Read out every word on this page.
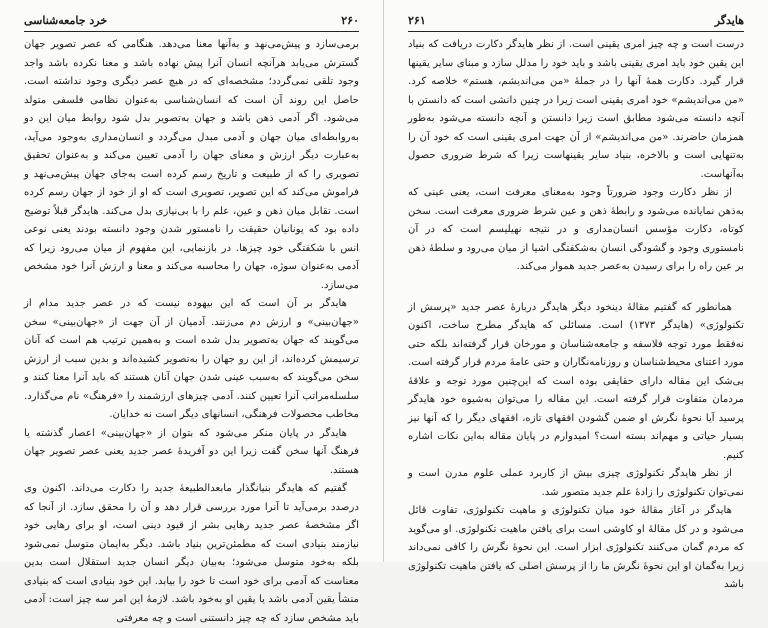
خرد جامعه‌شناسی	۲۶۰

برمی‌سازد و پیش‌می‌نهد و به‌آنها معنا می‌دهد. هنگامی که عصر تصویر جهان گسترش می‌یابد هرآنچه انسان آنرا پیش نهاده باشد و معنا نکرده باشد واجد وجود تلقی نمی‌گردد؛ مشخصه‌ای که در هیچ عصر دیگری وجود نداشته است. حاصل این روند آن است که انسان‌شناسی به‌عنوان نظامی فلسفی متولد می‌شود. اگر آدمی ذهن باشد و جهان به‌تصویر بدل شود روابط میان این دو به‌روابطه‌ای میان جهان و آدمی مبدل می‌گردد و انسان‌مداری به‌وجود می‌آید، به‌عبارت دیگر ارزش و معنای جهان را آدمی تعیین می‌کند و به‌عنوان تحقیق تصویری را که از طبیعت و تاریخ رسم کرده است به‌جای جهان پیش‌می‌نهد و فراموش می‌کند که این تصویر، تصویری است که او از خود از جهان رسم کرده است. تقابل میان ذهن و عین، علم را با بی‌نیازی بدل می‌کند. هایدگر قبلاً توضیح داده بود که یونانیان حقیقت را نامستور شدن وجود دانسته بودند یعنی نوعی انس با شکفتگی خود چیزها. در بازنمایی، این مفهوم از میان می‌رود زیرا که آدمی به‌عنوان سوژه، جهان را محاسبه می‌کند و معنا و ارزش آنرا خود مشخص می‌سازد.

هایدگر بر آن است که این بیهوده نیست که در عصر جدید مدام از «جهان‌بینی» و ارزش دم می‌زنند. آدمیان از آن جهت از «جهان‌بینی» سخن می‌گویند که جهان به‌تصویر بدل شده است و به‌همین ترتیب هم است که آنان ترسیمش کرده‌اند، از این رو جهان را به‌تصویر کشیده‌اند و بدین سبب از ارزش سخن می‌گویند که به‌سبب عینی شدن جهان آنان هستند که باید آنرا معنا کنند و سلسله‌مراتب آنرا تعیین کنند. آدمی چیزهای ارزشمند را «فرهنگ» نام می‌گذارد. مخاطب محصولات فرهنگی، انسانهای دیگر است نه خدایان.

هایدگر در پایان منکر می‌شود که بتوان از «جهان‌بینی» اعصار گذشته یا فرهنگ آنها سخن گفت زیرا این دو آفریدهٔ عصر جدید یعنی عصر تصویر جهان هستند.

گفتیم که هایدگر بنیانگذار ما‌بعدالطبیعهٔ جدید را دکارت می‌داند. اکنون وی درصدد برمی‌آید تا آنرا مورد بررسی قرار دهد و آن را محقق سازد. از آنجا که اگر مشخصهٔ عصر جدید رهایی بشر از قیود دینی است، او برای رهایی خود نیازمند بنیادی است که مطمئن‌ترین بنیاد باشد. دیگر به‌ایمان متوسل نمی‌شود بلکه به‌خود متوسل می‌شود؛ به‌بیان دیگر انسان جدید استقلال است بدین معناست که آدمی برای خود است تا خود را بیابد. این خود بنیادی است که بنیادی منشأ یقین آدمی باشد یا یقین او به‌خود باشد. لازمهٔ این امر سه چیز است: آدمی باید مشخص سازد که چه چیز دانستنی است و چه معرفتی

۲۶۱	هایدگر

درست است و چه چیز امری یقینی است. از نظر هایدگر دکارت دریافت که بنیاد این یقین خود باید امری یقینی باشد و باید خود را مدلل سازد و مبنای سایر یقینها قرار گیرد. دکارت همهٔ آنها را در جملهٔ «من می‌اندیشم، هستم» خلاصه کرد. «من می‌اندیشم» خود امری یقینی است زیرا در چنین دانشی است که دانستن با آنچه دانسته می‌شود مطابق است زیرا دانستن و آنچه دانسته می‌شود به‌طور همزمان حاضرند. «من می‌اندیشم» از آن جهت امری یقینی است که خود آن را به‌تنهایی است و بالاخره، بنیاد سایر یقینهاست زیرا که شرط ضروری حصول به‌آنهاست.

از نظر دکارت وجود ضرورتاً وجود به‌معنای معرفت است، یعنی عینی که به‌ذهن نمایانده می‌شود و رابطهٔ ذهن و عین شرط ضروری معرفت است. سخن کوتاه، دکارت مؤسس انسان‌مداری و در نتیجه نهیلیسم است که در آن نامستوری وجود و گشودگی انسان به‌شکفتگی اشیا از میان می‌رود و سلطهٔ ذهن بر عین راه را برای رسیدن به‌عصر جدید هموار می‌کند.

همانطور که گفتیم مقالهٔ دینخود دیگر هایدگر دربارهٔ عصر جدید «پرسش از تکنولوژی» (هایدگر ۱۳۷۳) است. مسائلی که هایدگر مطرح ساخت، اکنون نه‌فقط مورد توجه فلاسفه و جامعه‌شناسان و مورخان قرار گرفته‌اند بلکه حتی مورد اعتنای محیط‌شناسان و روزنامه‌نگاران و حتی عامهٔ مردم قرار گرفته است. بی‌شک این مقاله دارای حقایقی بوده است که این‌چنین مورد توجه و علاقهٔ مردمان متفاوت قرار گرفته است. این مقاله را می‌توان به‌شیوه خود هایدگر پرسید آیا نحوهٔ نگرش او ضمن گشودن افقهای تازه، افقهای دیگر را که آنها نیز بسیار حیاتی و مهم‌اند بسته است؟ امیدوارم در پایان مقاله به‌این نکات اشاره کنیم.

از نظر هایدگر تکنولوژی چیزی بیش از کاربرد عملی علوم مدرن است و نمی‌توان تکنولوژی را زادهٔ علم جدید متصور شد.

هایدگر در آغاز مقالهٔ خود میان تکنولوژی و ماهیت تکنولوژی، تفاوت قائل می‌شود و در کل مقالهٔ او کاوشی است برای یافتن ماهیت تکنولوژی. او می‌گوید که مردم گمان می‌کنند تکنولوژی ابزار است. این نحوهٔ نگرش را کافی نمی‌داند زیرا به‌گمان او این نحوهٔ نگرش ما را از پرسش اصلی که یافتن ماهیت تکنولوژی باشد
